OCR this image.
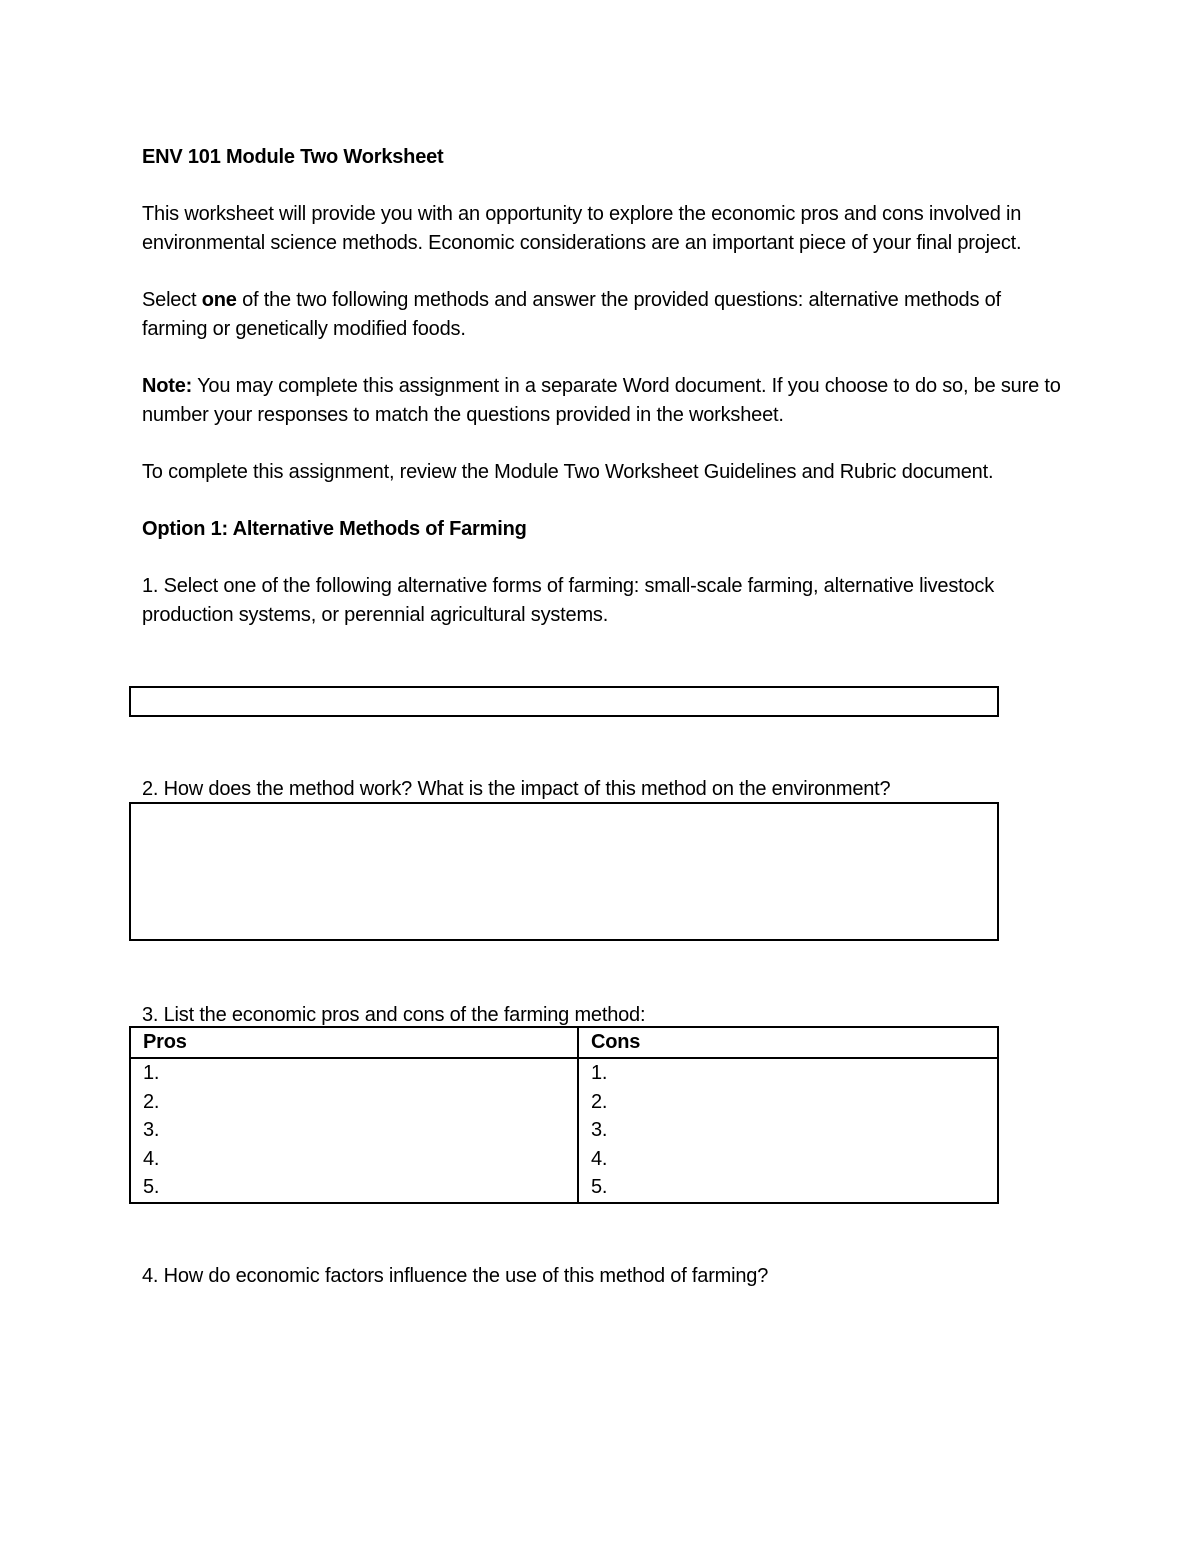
ENV 101 Module Two Worksheet

This worksheet will provide you with an opportunity to explore the economic pros and cons involved in environmental science methods. Economic considerations are an important piece of your final project.

Select one of the two following methods and answer the provided questions: alternative methods of farming or genetically modified foods.

Note: You may complete this assignment in a separate Word document. If you choose to do so, be sure to number your responses to match the questions provided in the worksheet.

To complete this assignment, review the Module Two Worksheet Guidelines and Rubric document.

Option 1: Alternative Methods of Farming

1. Select one of the following alternative forms of farming: small-scale farming, alternative livestock production systems, or perennial agricultural systems.

2. How does the method work? What is the impact of this method on the environment?

3. List the economic pros and cons of the farming method:

Pros	Cons
1.	1.
2.	2.
3.	3.
4.	4.
5.	5.

4. How do economic factors influence the use of this method of farming?
